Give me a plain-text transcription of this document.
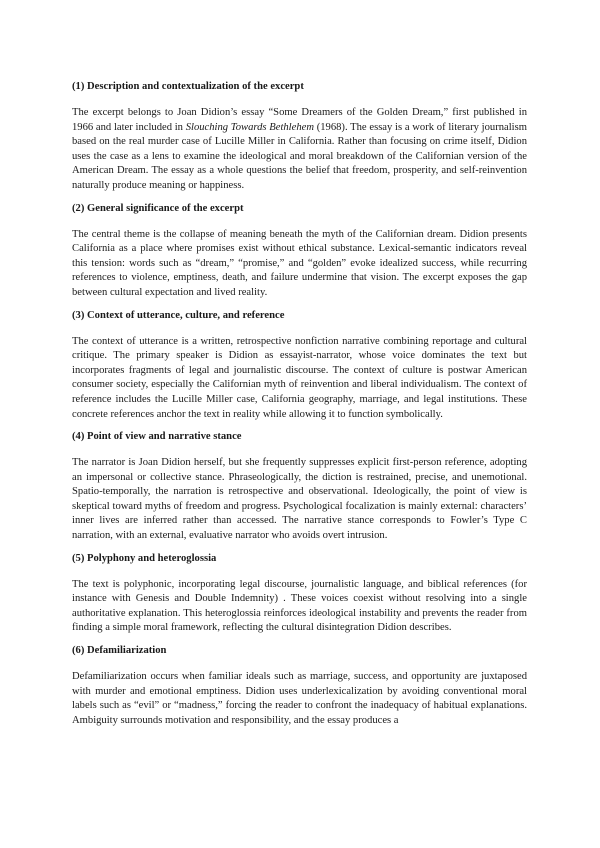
(1) Description and contextualization of the excerpt

The excerpt belongs to Joan Didion’s essay “Some Dreamers of the Golden Dream,” first published in 1966 and later included in Slouching Towards Bethlehem (1968). The essay is a work of literary journalism based on the real murder case of Lucille Miller in California. Rather than focusing on crime itself, Didion uses the case as a lens to examine the ideological and moral breakdown of the Californian version of the American Dream. The essay as a whole questions the belief that freedom, prosperity, and self-reinvention naturally produce meaning or happiness.

(2) General significance of the excerpt

The central theme is the collapse of meaning beneath the myth of the Californian dream. Didion presents California as a place where promises exist without ethical substance. Lexical-semantic indicators reveal this tension: words such as “dream,” “promise,” and “golden” evoke idealized success, while recurring references to violence, emptiness, death, and failure undermine that vision. The excerpt exposes the gap between cultural expectation and lived reality.

(3) Context of utterance, culture, and reference

The context of utterance is a written, retrospective nonfiction narrative combining reportage and cultural critique. The primary speaker is Didion as essayist-narrator, whose voice dominates the text but incorporates fragments of legal and journalistic discourse. The context of culture is postwar American consumer society, especially the Californian myth of reinvention and liberal individualism. The context of reference includes the Lucille Miller case, California geography, marriage, and legal institutions. These concrete references anchor the text in reality while allowing it to function symbolically.

(4) Point of view and narrative stance

The narrator is Joan Didion herself, but she frequently suppresses explicit first-person reference, adopting an impersonal or collective stance. Phraseologically, the diction is restrained, precise, and unemotional. Spatio-temporally, the narration is retrospective and observational. Ideologically, the point of view is skeptical toward myths of freedom and progress. Psychological focalization is mainly external: characters’ inner lives are inferred rather than accessed. The narrative stance corresponds to Fowler’s Type C narration, with an external, evaluative narrator who avoids overt intrusion.

(5) Polyphony and heteroglossia

The text is polyphonic, incorporating legal discourse, journalistic language, and biblical references (for instance with Genesis and Double Indemnity) . These voices coexist without resolving into a single authoritative explanation. This heteroglossia reinforces ideological instability and prevents the reader from finding a simple moral framework, reflecting the cultural disintegration Didion describes.

(6) Defamiliarization

Defamiliarization occurs when familiar ideals such as marriage, success, and opportunity are juxtaposed with murder and emotional emptiness. Didion uses underlexicalization by avoiding conventional moral labels such as “evil” or “madness,” forcing the reader to confront the inadequacy of habitual explanations. Ambiguity surrounds motivation and responsibility, and the essay produces a
